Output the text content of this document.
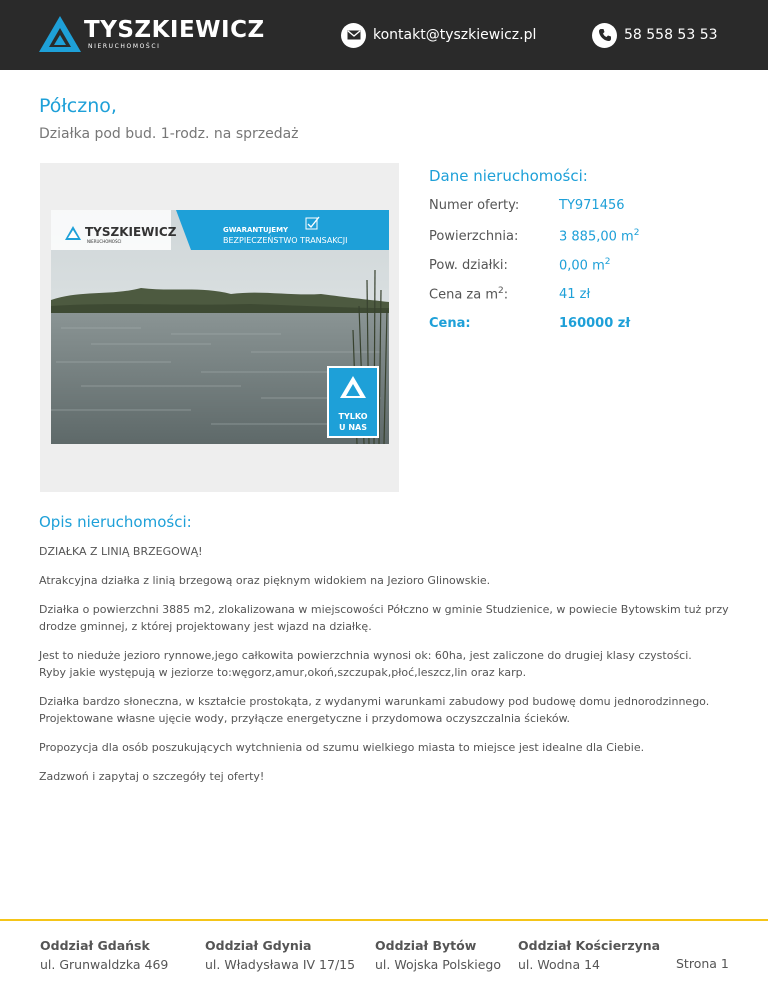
TYSZKIEWICZ
NIERUCHOMOŚCI
kontakt@tyszkiewicz.pl	58 558 53 53
Półczno,
Działka pod bud. 1-rodz. na sprzedaż
TYSZKIEWICZ
NIERUCHOMOŚCI
GWARANTUJEMY
BEZPIECZEŃSTWO TRANSAKCJI
TYLKO
U NAS
Dane nieruchomości:
Numer oferty:	TY971456
Powierzchnia:	3 885,00 $m^2$
Pow. działki:	0,00 $m^2$
Cena za $m^2$:	41 zł
Cena:	160000 zł
Opis nieruchomości:

DZIAŁKA Z LINIĄ BRZEGOWĄ!

Atrakcyjna działka z linią brzegową oraz pięknym widokiem na Jezioro Glinowskie.

Działka o powierzchni 3885 m2, zlokalizowana w miejscowości Półczno w gminie Studzienice, w powiecie Bytowskim tuż przy drodze gminnej, z której projektowany jest wjazd na działkę.

Jest to nieduże jezioro rynnowe,jego całkowita powierzchnia wynosi ok: 60ha, jest zaliczone do drugiej klasy czystości.
Ryby jakie występują w jeziorze to:węgorz,amur,okoń,szczupak,płoć,leszcz,lin oraz karp.

Działka bardzo słoneczna, w kształcie prostokąta, z wydanymi warunkami zabudowy pod budowę domu jednorodzinnego.
Projektowane własne ujęcie wody, przyłącze energetyczne i przydomowa oczyszczalnia ścieków.

Propozycja dla osób poszukujących wytchnienia od szumu wielkiego miasta to miejsce jest idealne dla Ciebie.

Zadzwoń i zapytaj o szczegóły tej oferty!

Oddział Gdańsk
ul. Grunwaldzka 469
Oddział Gdynia
ul. Władysława IV 17/15
Oddział Bytów
ul. Wojska Polskiego
Oddział Kościerzyna
ul. Wodna 14	Strona 1
